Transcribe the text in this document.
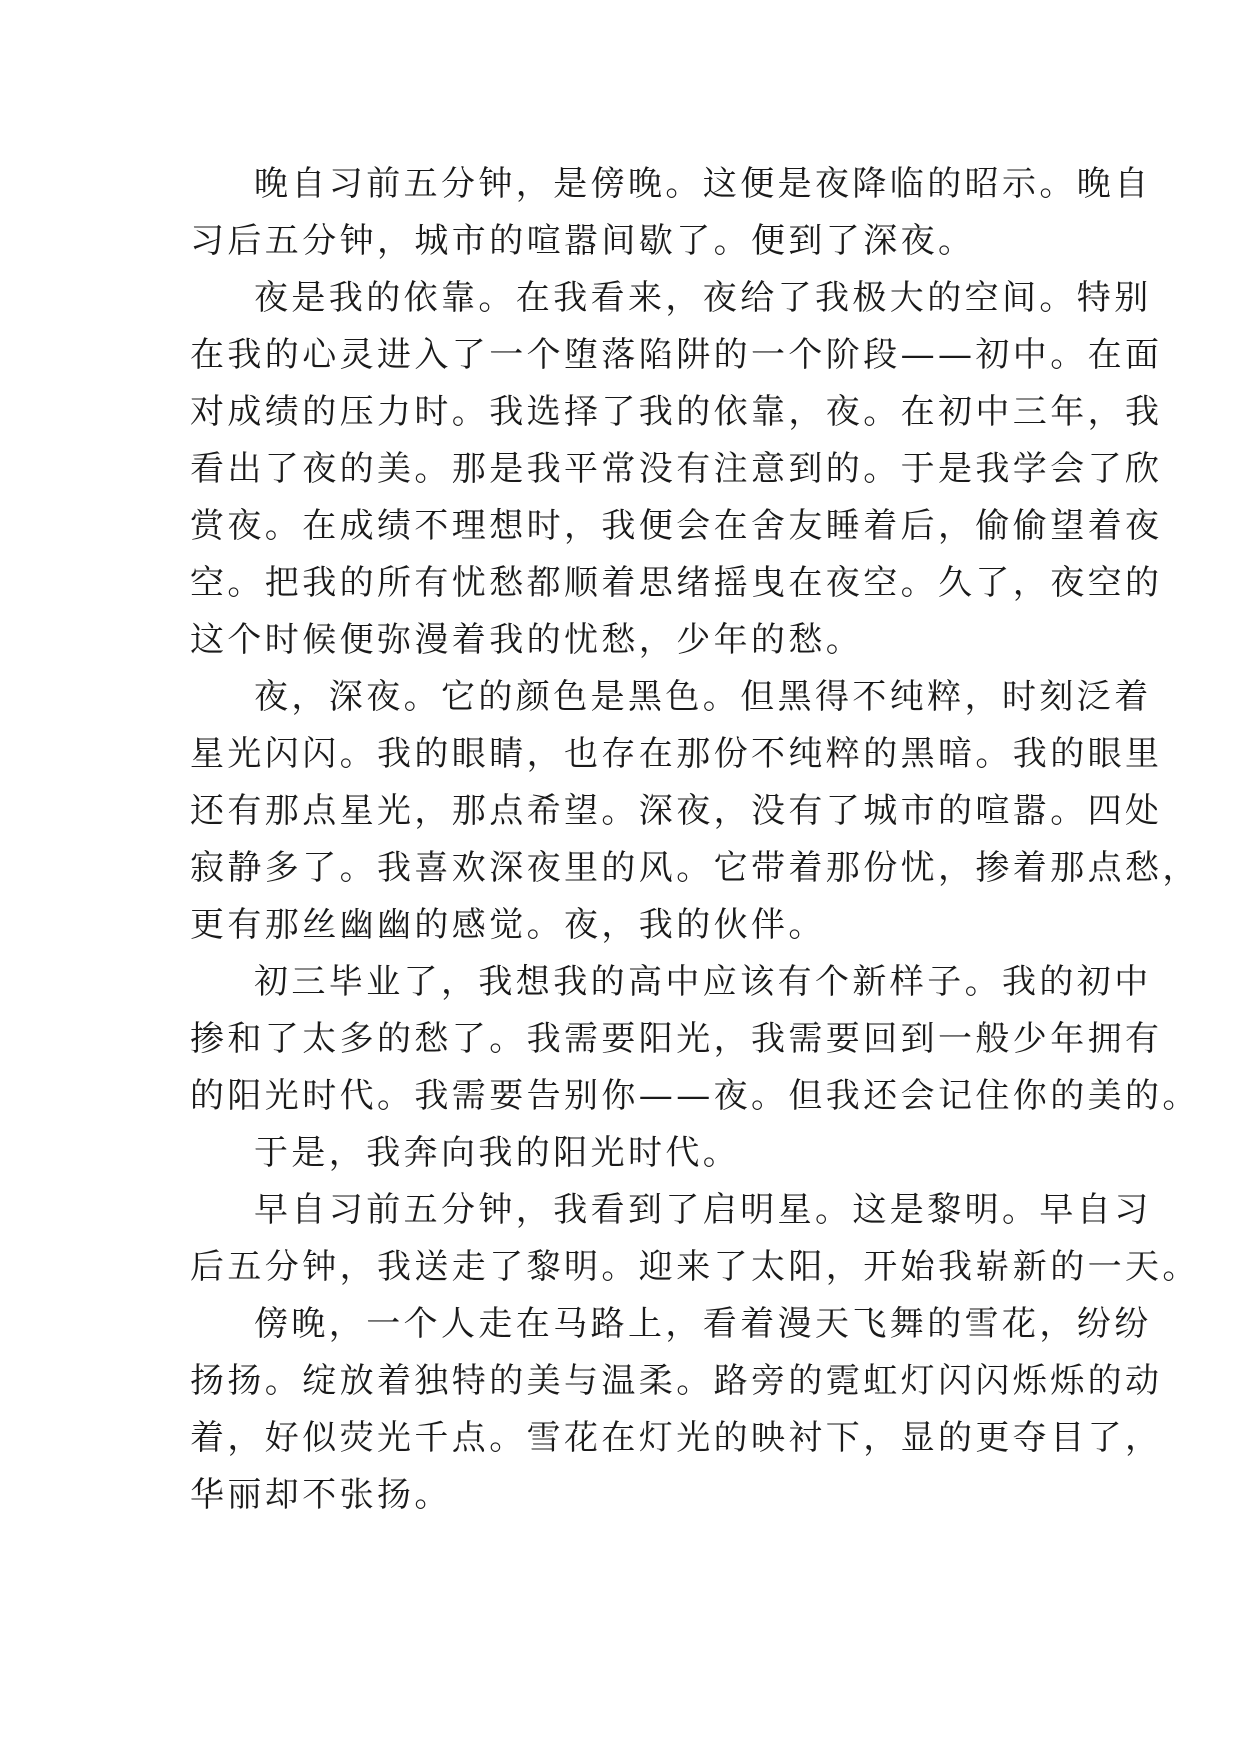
晚自习前五分钟，是傍晚。这便是夜降临的昭示。晚自
习后五分钟，城市的喧嚣间歇了。便到了深夜。
夜是我的依靠。在我看来，夜给了我极大的空间。特别
在我的心灵进入了一个堕落陷阱的一个阶段——初中。在面
对成绩的压力时。我选择了我的依靠，夜。在初中三年，我
看出了夜的美。那是我平常没有注意到的。于是我学会了欣
赏夜。在成绩不理想时，我便会在舍友睡着后，偷偷望着夜
空。把我的所有忧愁都顺着思绪摇曳在夜空。久了，夜空的
这个时候便弥漫着我的忧愁，少年的愁。
夜，深夜。它的颜色是黑色。但黑得不纯粹，时刻泛着
星光闪闪。我的眼睛，也存在那份不纯粹的黑暗。我的眼里
还有那点星光，那点希望。深夜，没有了城市的喧嚣。四处
寂静多了。我喜欢深夜里的风。它带着那份忧，掺着那点愁，
更有那丝幽幽的感觉。夜，我的伙伴。
初三毕业了，我想我的高中应该有个新样子。我的初中
掺和了太多的愁了。我需要阳光，我需要回到一般少年拥有
的阳光时代。我需要告别你——夜。但我还会记住你的美的。
于是，我奔向我的阳光时代。
早自习前五分钟，我看到了启明星。这是黎明。早自习
后五分钟，我送走了黎明。迎来了太阳，开始我崭新的一天。
傍晚，一个人走在马路上，看着漫天飞舞的雪花，纷纷
扬扬。绽放着独特的美与温柔。路旁的霓虹灯闪闪烁烁的动
着，好似荧光千点。雪花在灯光的映衬下，显的更夺目了，
华丽却不张扬。
